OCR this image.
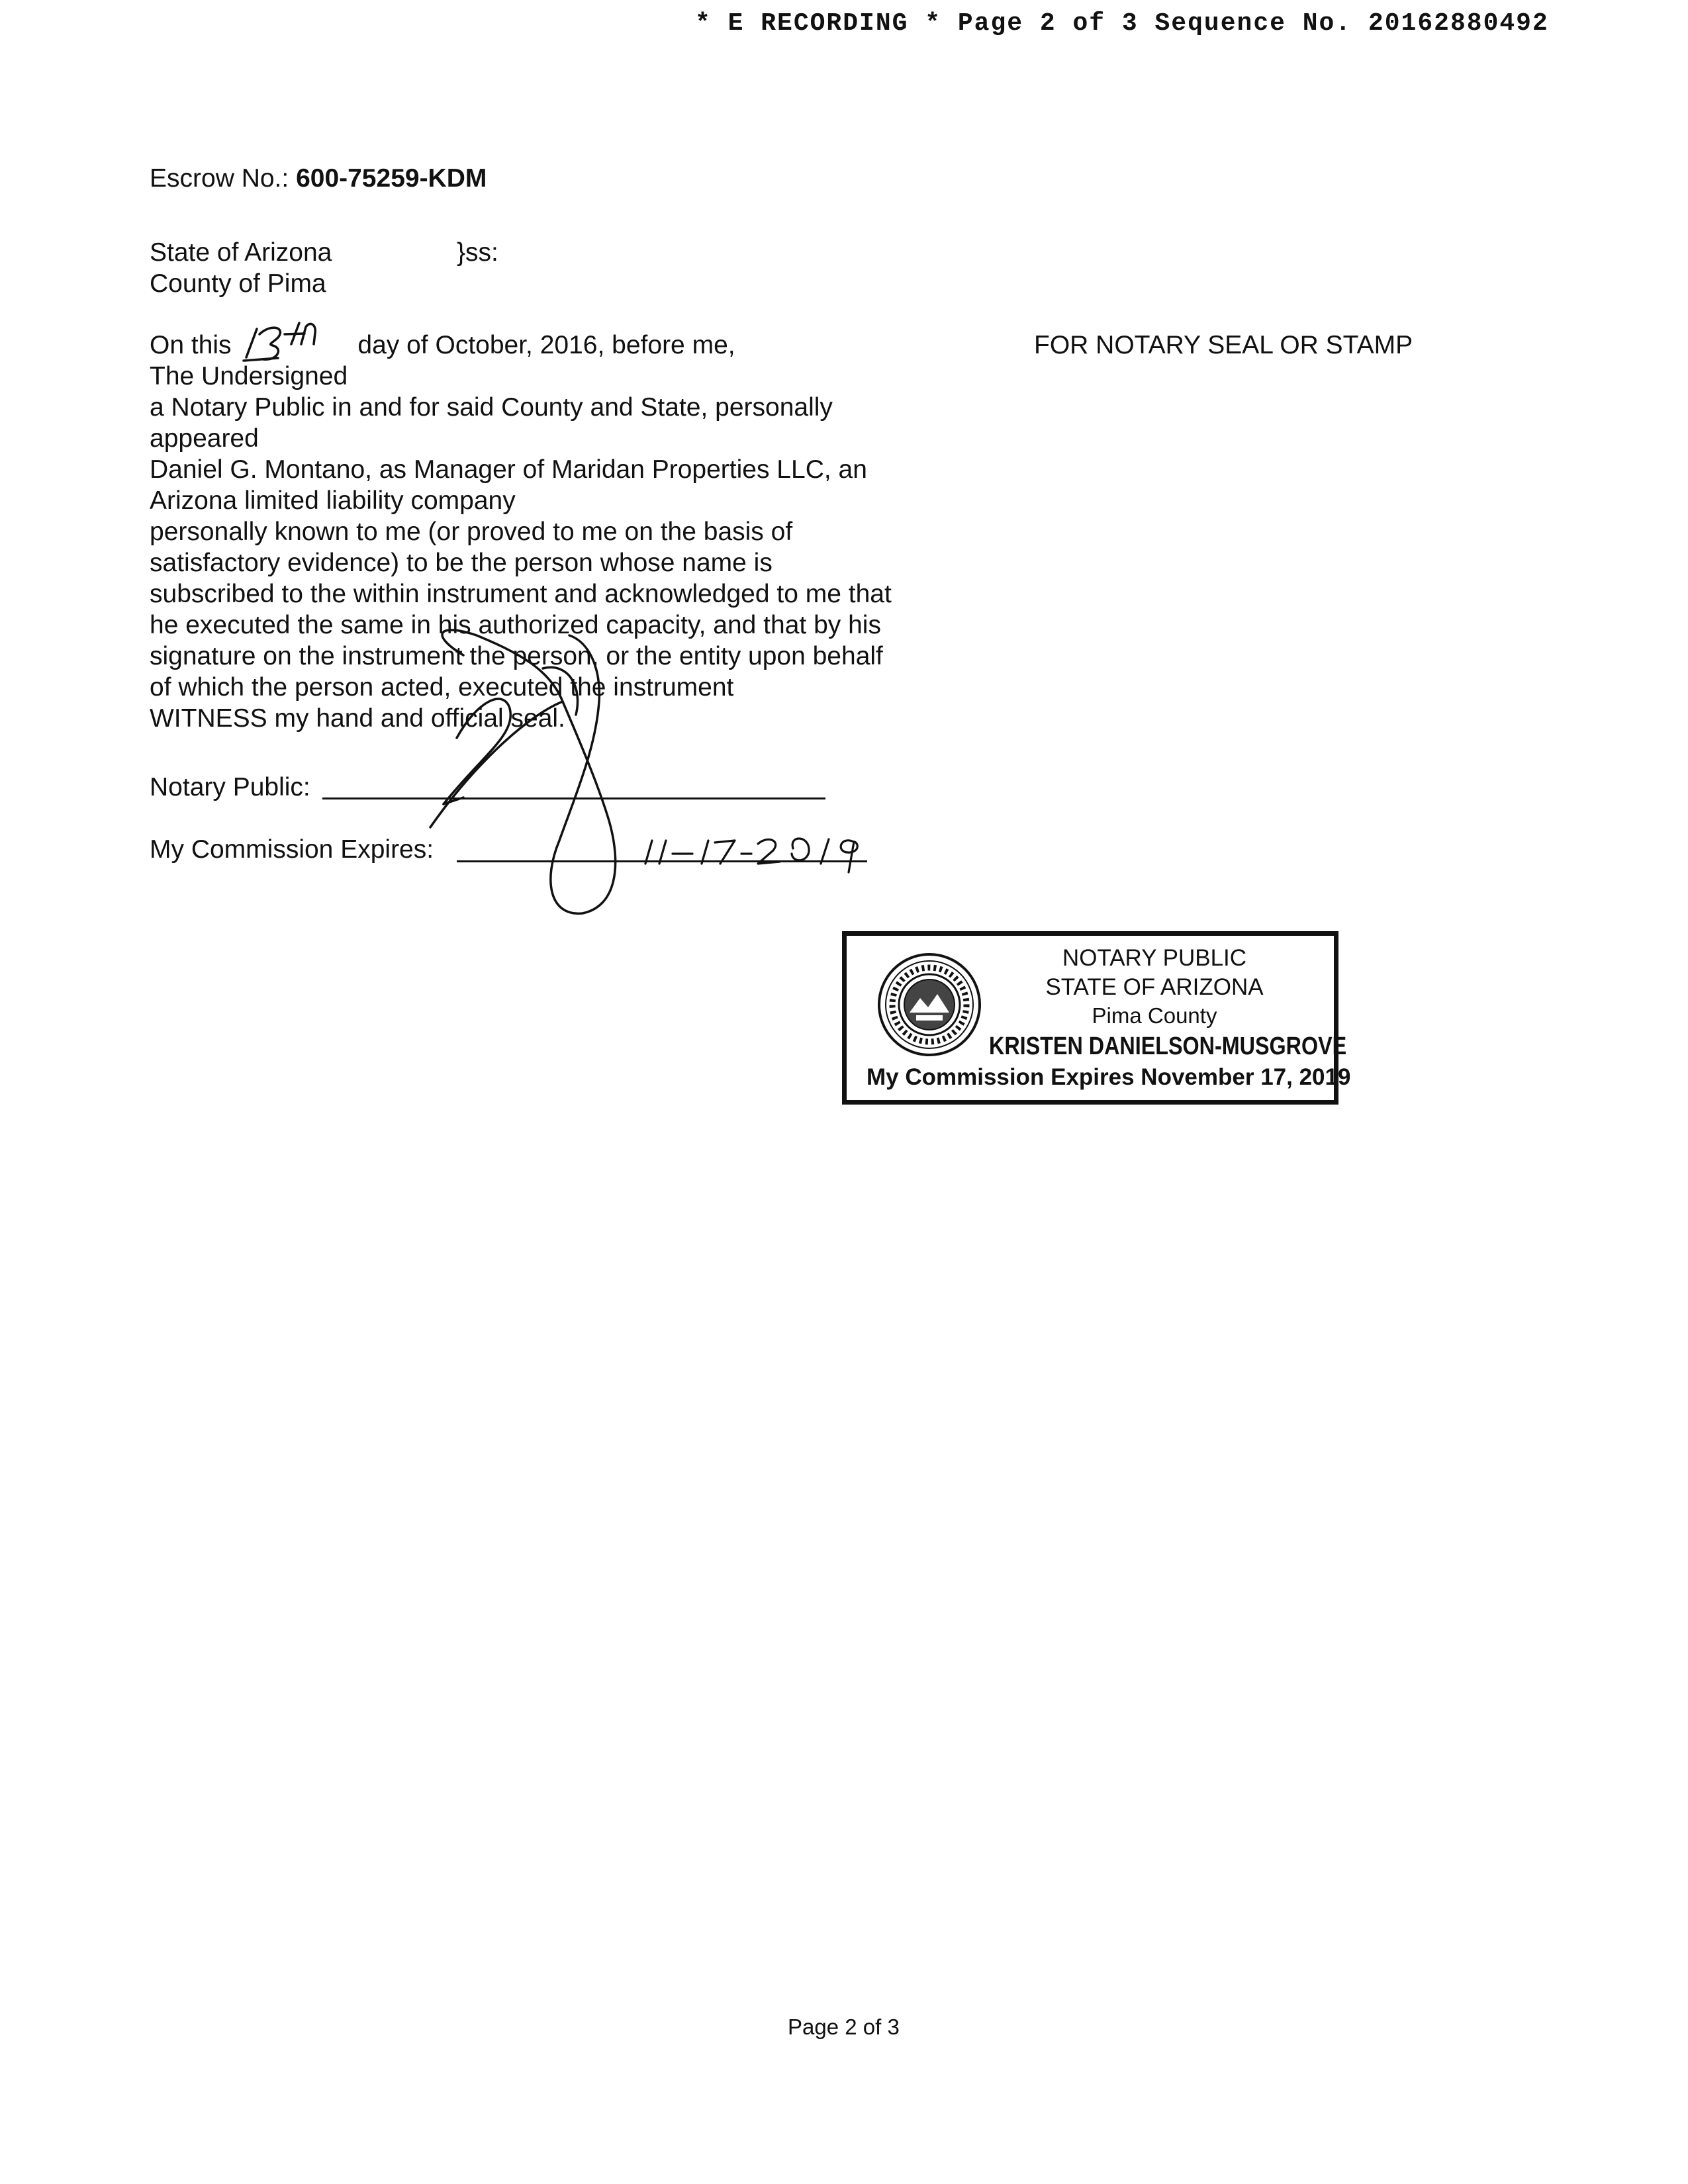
* E RECORDING * Page 2 of 3 Sequence No. 20162880492
Escrow No.: 600-75259-KDM
State of Arizona	}ss:
County of Pima
FOR NOTARY SEAL OR STAMP
On this	day of October, 2016, before me,
The Undersigned
a Notary Public in and for said County and State, personally
appeared
Daniel G. Montano, as Manager of Maridan Properties LLC, an
Arizona limited liability company
personally known to me (or proved to me on the basis of
satisfactory evidence) to be the person whose name is
subscribed to the within instrument and acknowledged to me that
he executed the same in his authorized capacity, and that by his
signature on the instrument the person, or the entity upon behalf
of which the person acted, executed the instrument
WITNESS my hand and official seal.
Notary Public:
My Commission Expires:
NOTARY PUBLIC
STATE OF ARIZONA
Pima County
KRISTEN DANIELSON-MUSGROVE
My Commission Expires November 17, 2019
Page 2 of 3
